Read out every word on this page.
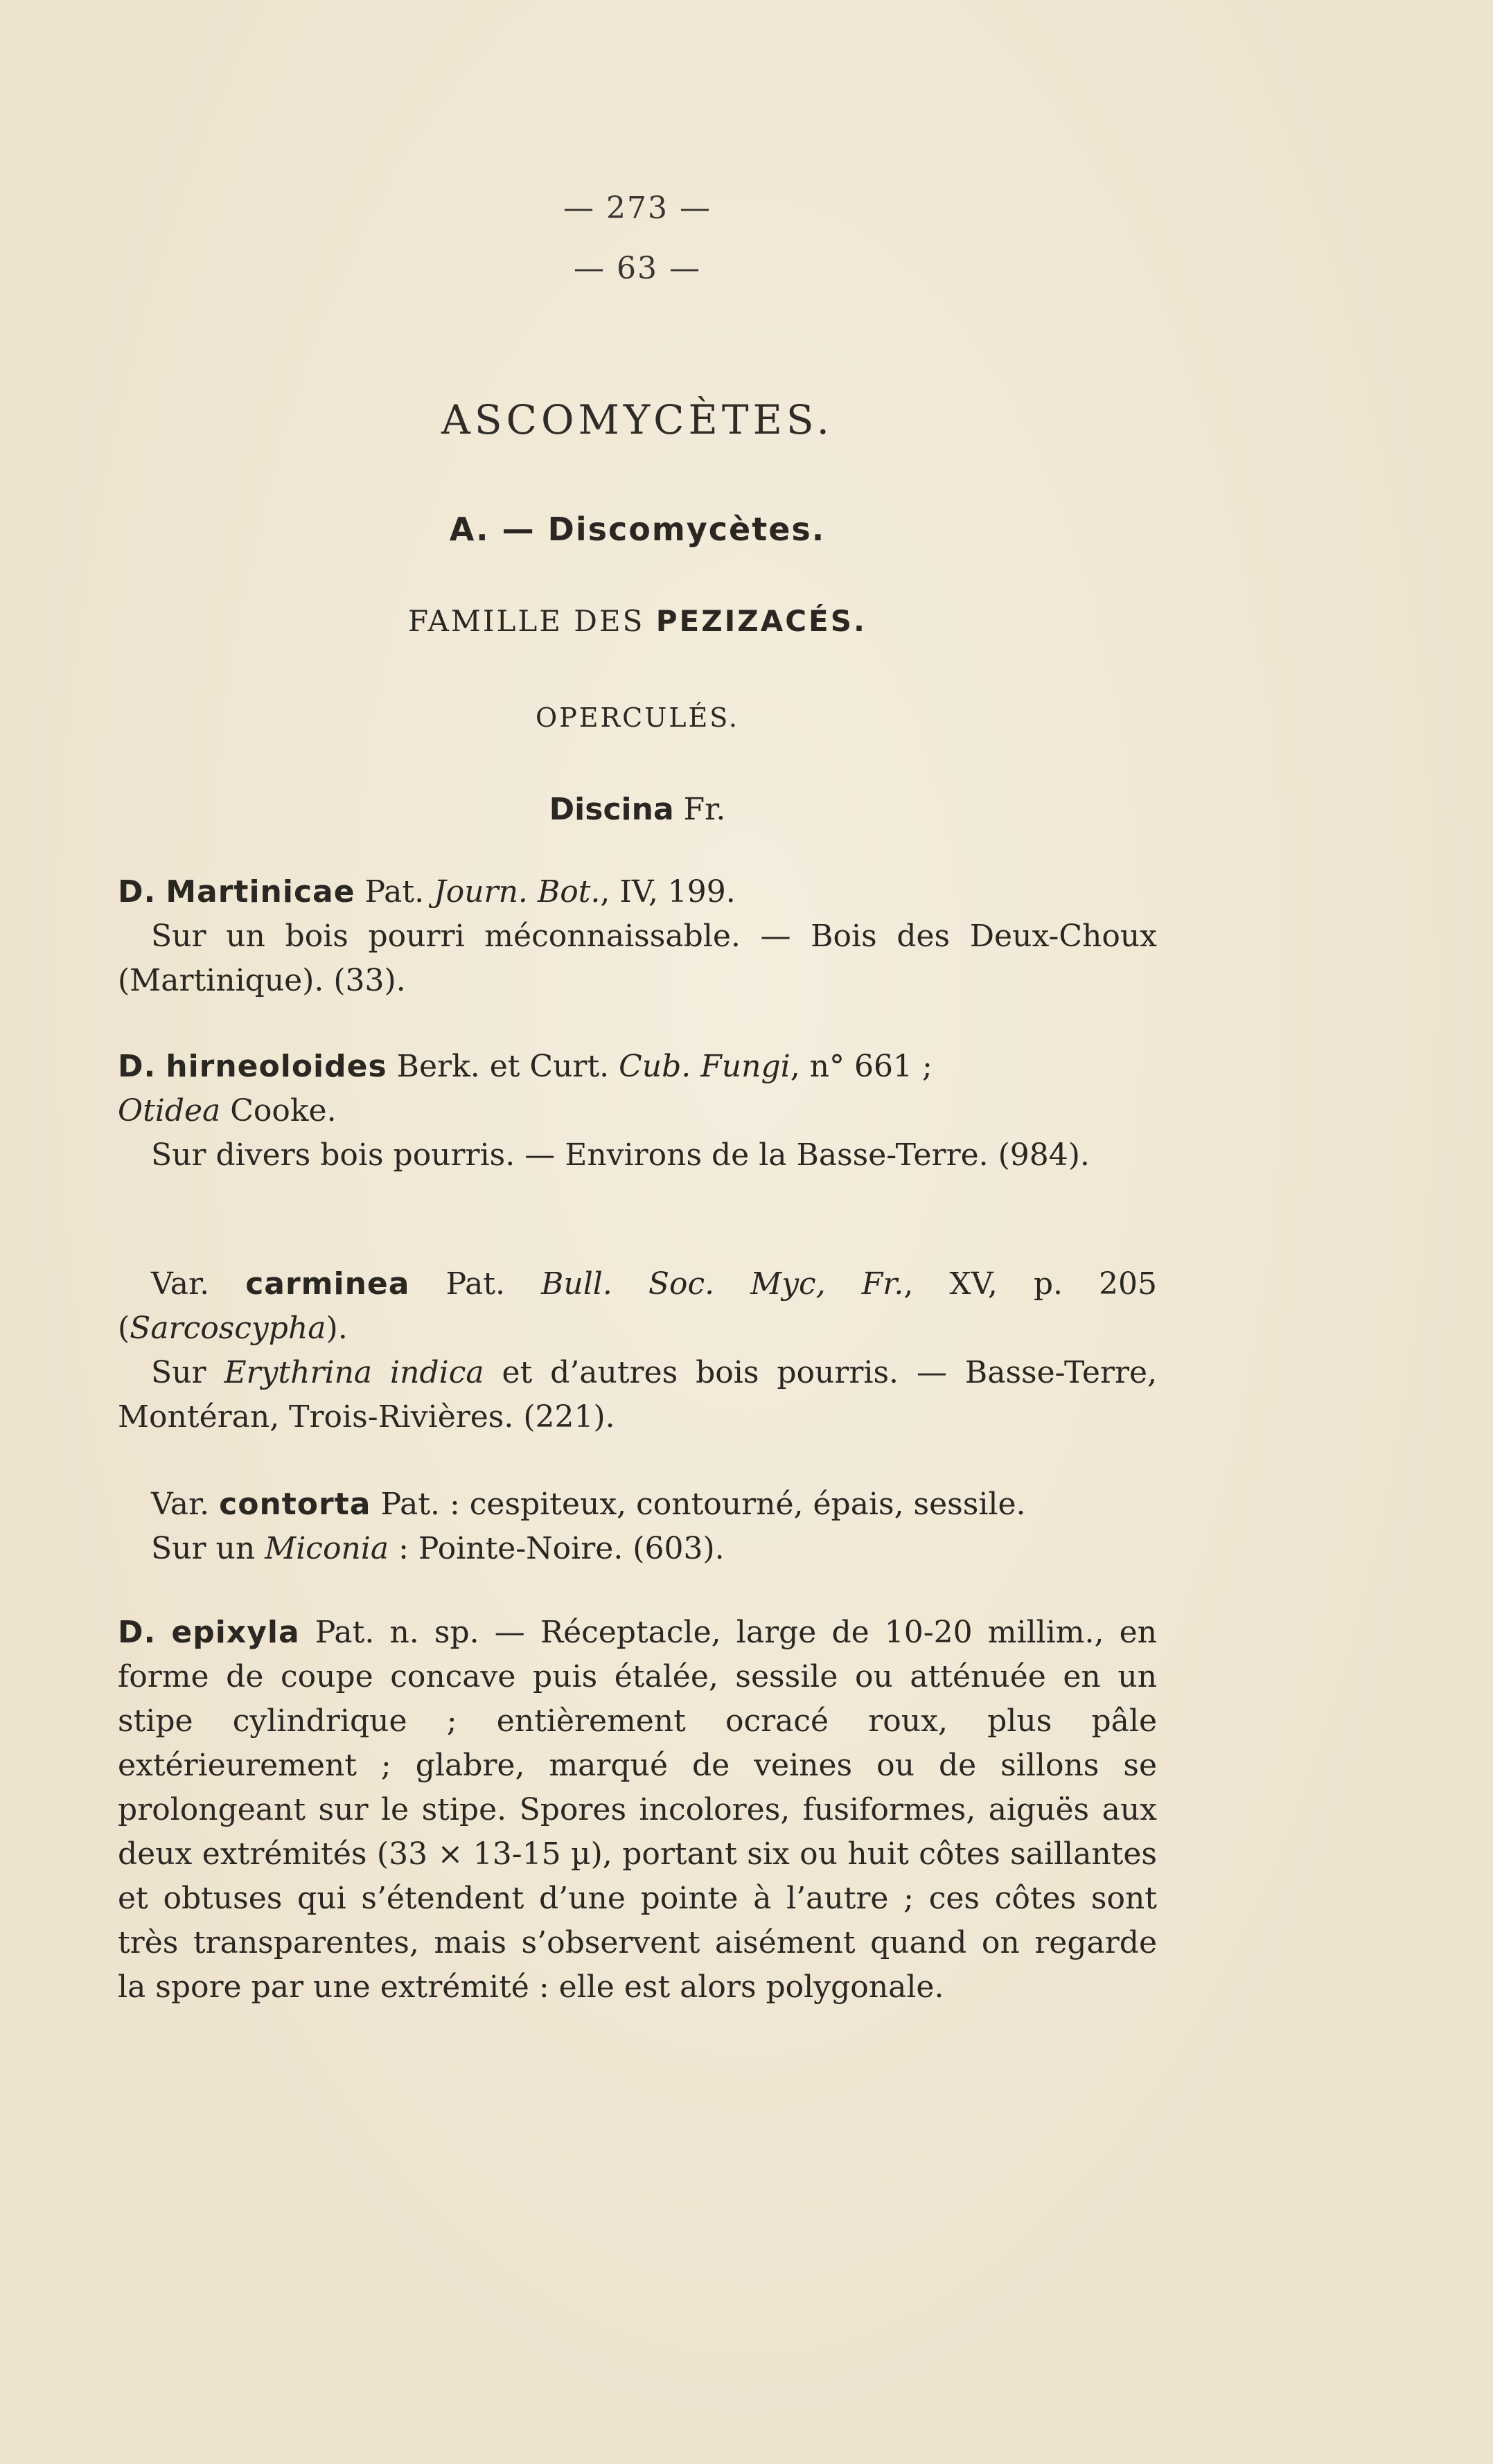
— 273 —
— 63 —
ASCOMYCÈTES.
A. — Discomycètes.
FAMILLE DES PEZIZACÉS.
OPERCULÉS.
Discina Fr.

D. Martinicae Pat. Journ. Bot., IV, 199.

Sur un bois pourri méconnaissable. — Bois des Deux-Choux (Martinique). (33).

D. hirneoloides Berk. et Curt. Cub. Fungi, n° 661 ;
Otidea Cooke.

Sur divers bois pourris. — Environs de la Basse-Terre. (984).

Var. carminea Pat. Bull. Soc. Myc, Fr., XV, p. 205 (Sarcoscypha).

Sur Erythrina indica et d’autres bois pourris. — Basse-Terre, Montéran, Trois-Rivières. (221).

Var. contorta Pat. : cespiteux, contourné, épais, sessile.

Sur un Miconia : Pointe-Noire. (603).

D. epixyla Pat. n. sp. — Réceptacle, large de 10-20 millim., en forme de coupe concave puis étalée, sessile ou atténuée en un stipe cylindrique ; entièrement ocracé roux, plus pâle extérieurement ; glabre, marqué de veines ou de sillons se prolongeant sur le stipe. Spores incolores, fusiformes, aiguës aux deux extrémités (33 × 13-15 µ), portant six ou huit côtes saillantes et obtuses qui s’étendent d’une pointe à l’autre ; ces côtes sont très transparentes, mais s’observent aisément quand on regarde la spore par une extrémité : elle est alors polygonale.
